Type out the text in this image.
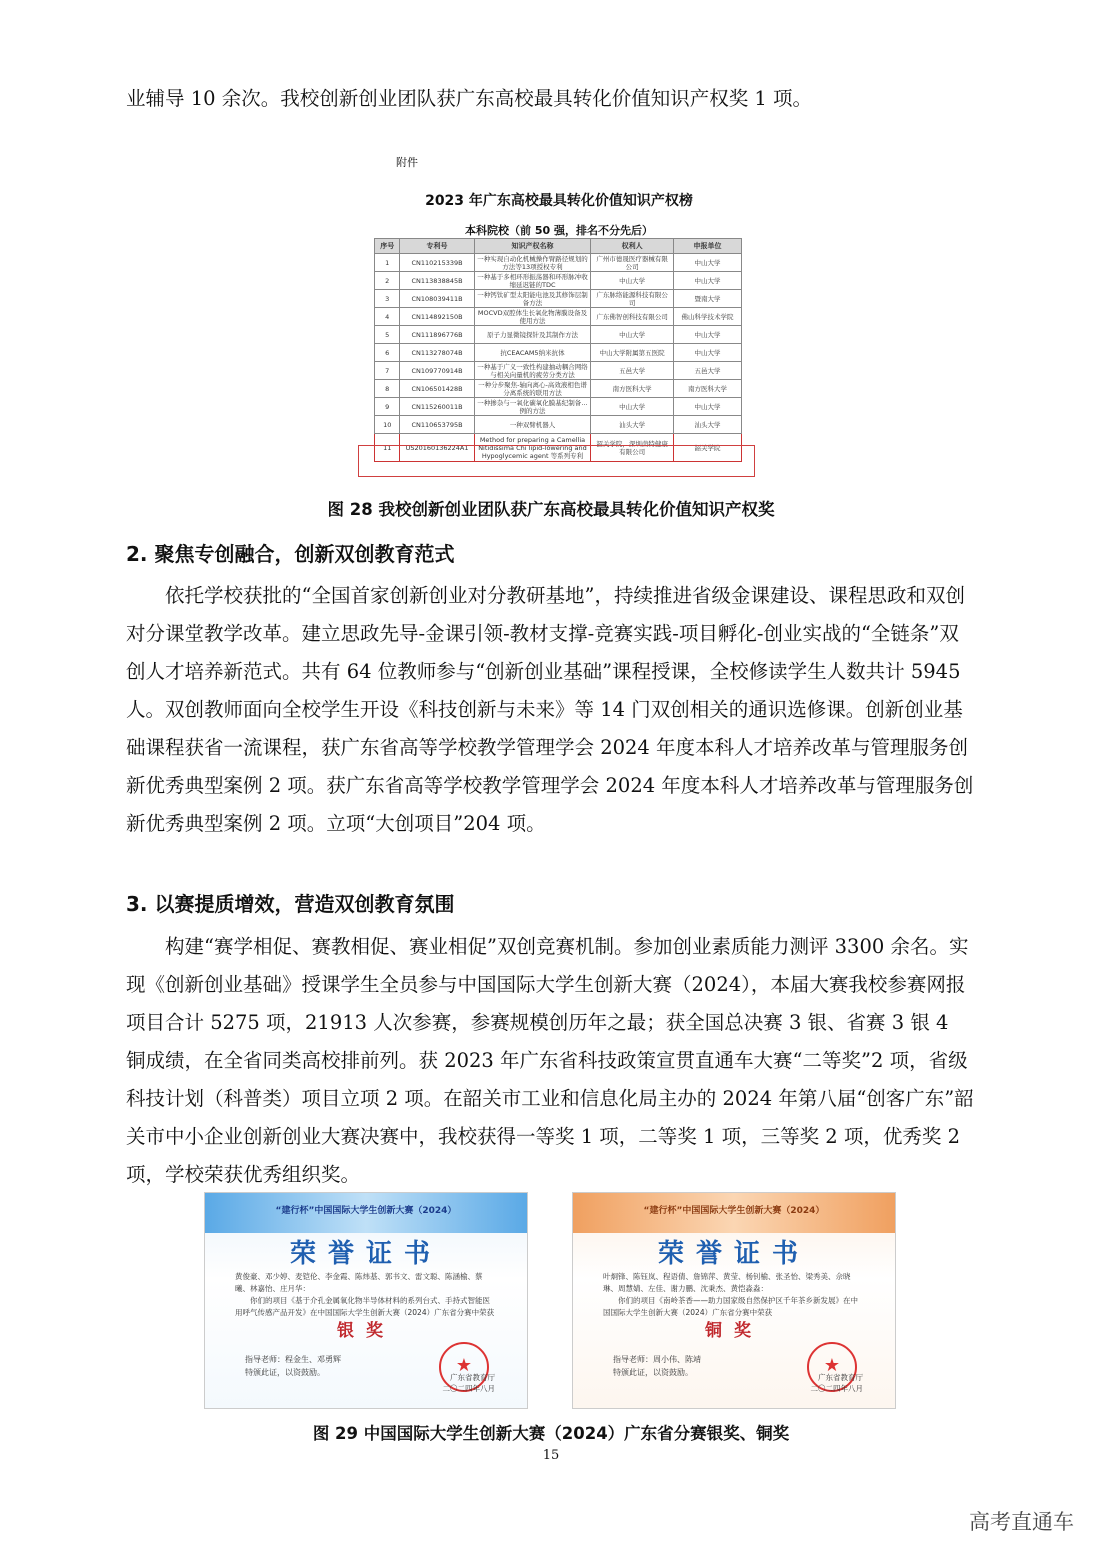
业辅导 10 余次。我校创新创业团队获广东高校最具转化价值知识产权奖 1 项。

附件
2023 年广东高校最具转化价值知识产权榜
本科院校（前 50 强，排名不分先后）
序号	专利号	知识产权名称	权利人	申报单位
1	CN110215339B	一种实现自动化机械操作臂路径规划的方法等13项授权专利	广州市德晟医疗器械有限公司	中山大学
2	CN113838845B	一种基于多相环形振荡器和环形脉冲收缩延迟链的TDC	中山大学	中山大学
3	CN108039411B	一种钙钛矿型太阳能电池及其修饰层制备方法	广东脉络能源科技有限公司	暨南大学
4	CN114892150B	MOCVD双腔体生长氧化物薄膜设备及使用方法	广东佛智创科技有限公司	佛山科学技术学院
5	CN111896776B	原子力显微镜探针及其制作方法	中山大学	中山大学
6	CN113278074B	抗CEACAM5纳米抗体	中山大学附属第五医院	中山大学
7	CN109770914B	一种基于广义一致性构建抽动耦合网络与相关向量机的疲劳分类方法	五邑大学	五邑大学
8	CN106501428B	一种分步聚焦-轴向离心-高效液相色谱分离系统的联用方法	南方医科大学	南方医科大学
9	CN115260011B	一种掺杂与一氧化碳氧化膜基纪制备…例的方法	中山大学	中山大学
10	CN110653795B	一种双臂机器人	汕头大学	汕头大学
11	US20160136224A1	Method for preparing a Camellia Nitidissima Chi lipid-lowering and Hypoglycemic agent 等系列专利	韶关学院，深圳茵特健康有限公司	韶关学院

图 28 我校创新创业团队获广东高校最具转化价值知识产权奖

2. 聚焦专创融合，创新双创教育范式

依托学校获批的“全国首家创新创业对分教研基地”，持续推进省级金课建设、课程思政和双创对分课堂教学改革。建立思政先导-金课引领-教材支撑-竞赛实践-项目孵化-创业实战的“全链条”双创人才培养新范式。共有 64 位教师参与“创新创业基础”课程授课，全校修读学生人数共计 5945 人。双创教师面向全校学生开设《科技创新与未来》等 14 门双创相关的通识选修课。创新创业基础课程获省一流课程，获广东省高等学校教学管理学会 2024 年度本科人才培养改革与管理服务创新优秀典型案例 2 项。获广东省高等学校教学管理学会 2024 年度本科人才培养改革与管理服务创新优秀典型案例 2 项。立项“大创项目”204 项。

3. 以赛提质增效，营造双创教育氛围

构建“赛学相促、赛教相促、赛业相促”双创竞赛机制。参加创业素质能力测评 3300 余名。实现《创新创业基础》授课学生全员参与中国国际大学生创新大赛（2024），本届大赛我校参赛网报项目合计 5275 项，21913 人次参赛，参赛规模创历年之最；获全国总决赛 3 银、省赛 3 银 4 铜成绩，在全省同类高校排前列。获 2023 年广东省科技政策宣贯直通车大赛“二等奖”2 项，省级科技计划（科普类）项目立项 2 项。在韶关市工业和信息化局主办的 2024 年第八届“创客广东”韶关市中小企业创新创业大赛决赛中，我校获得一等奖 1 项，二等奖 1 项，三等奖 2 项，优秀奖 2 项，学校荣获优秀组织奖。

“建行杯”中国国际大学生创新大赛（2024）
荣誉证书
黄俊豪、邓少婷、麦铠伦、李金霞、陈炜基、郭书文、雷文聪、陈涵榆、蔡曦、林嘉怡、庄月华：
你们的项目《基于介孔金属氧化物半导体材料的系列台式、手持式智能医用呼气传感产品开发》在中国国际大学生创新大赛（2024）广东省分赛中荣获
银奖
指导老师：程金生、邓勇辉
特颁此证，以资鼓励。	★
广东省教育厅
二〇二四年八月
“建行杯”中国国际大学生创新大赛（2024）
荣誉证书
叶炯锋、陈钰岚、程语倩、詹锦萍、黄莹、杨钊榆、张圣怡、梁秀美、佘晓琳、周慧婧、左佳、谢力鹏、沈秉杰、黄恺淼淼：
你们的项目《南岭茶香——助力国家级自然保护区千年茶乡新发展》在中国国际大学生创新大赛（2024）广东省分赛中荣获
铜奖
指导老师：周小伟、陈靖
特颁此证，以资鼓励。	★
广东省教育厅
二〇二四年八月

图 29 中国国际大学生创新大赛（2024）广东省分赛银奖、铜奖

15
高考直通车
